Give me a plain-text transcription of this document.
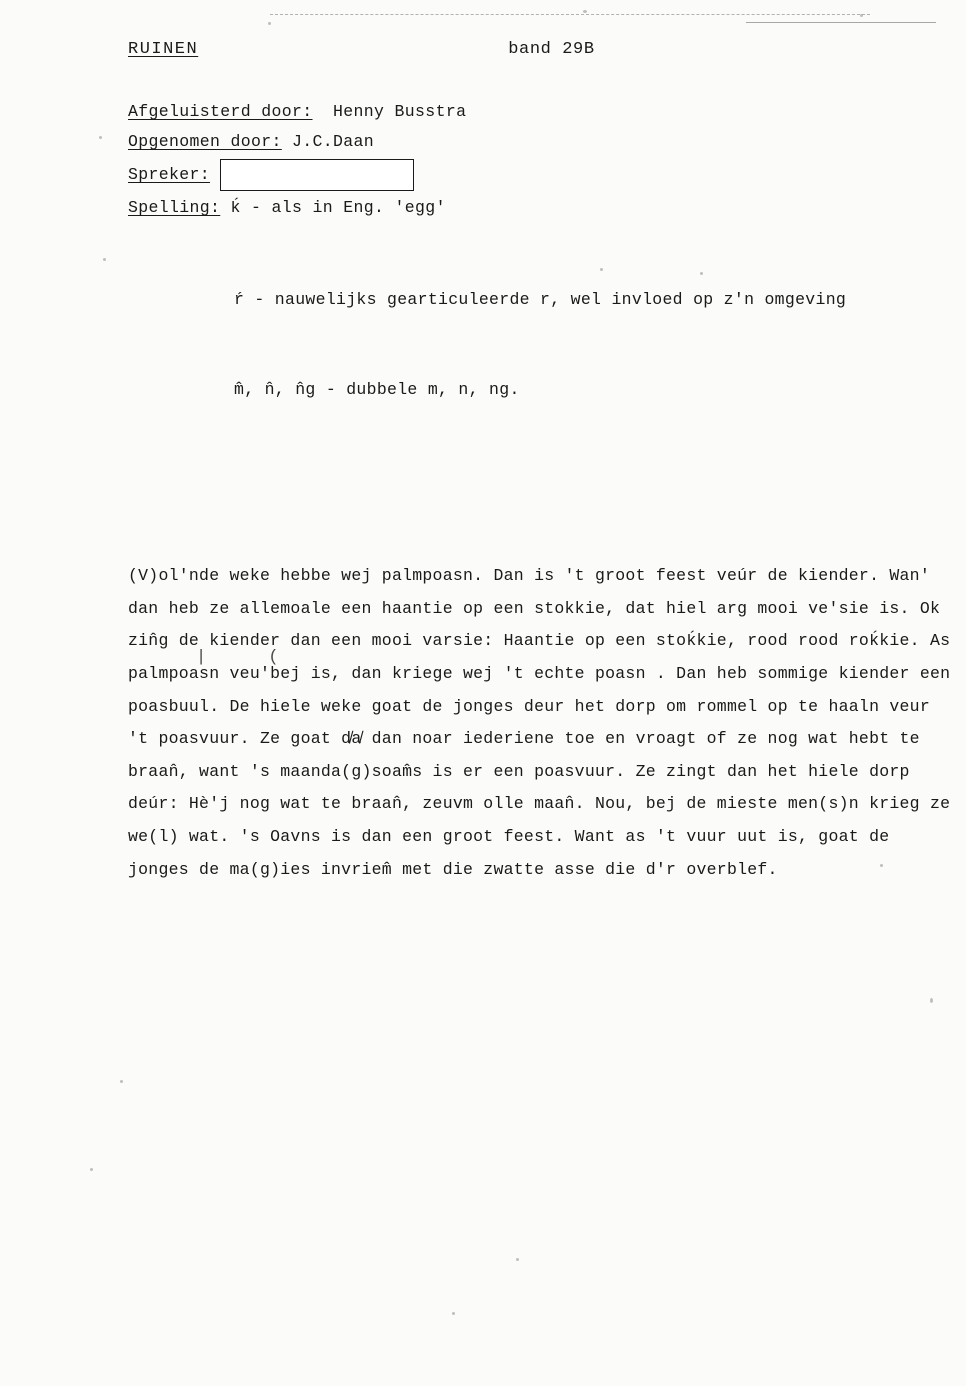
RUINEN	band 29B
Afgeluisterd door: Henny Busstra
Opgenomen door: J.C.Daan
Spreker:
Spelling: ḱ - als in Eng. 'egg'

ŕ - nauwelijks gearticuleerde r, wel invloed op z'n omgeving

m̂, n̂, n̂g - dubbele m, n, ng.

(V)ol'nde weke hebbe wej palmpoasn. Dan is 't groot feest veúr de kiender. Wan' dan heb ze allemoale een haantie op een stokkie, dat hiel arg mooi ve'sie is. Ok zin̂g de kiender dan een mooi varsie: Haantie op een stoḱkie, rood rood roḱkie. As palmpoasn veu'bej is, dan kriege wej 't echte poasn . Dan heb sommige kiender een poasbuul. De hiele weke goat de jonges deur het dorp om rommel op te haaln veur 't poasvuur. Ze goat d̸a̸ dan noar iederiene toe en vroagt of ze nog wat hebt te braan̂, want 's maanda(g)soam̂s is er een poasvuur. Ze zingt dan het hiele dorp deúr: Hè'j nog wat te braan̂, zeuvm olle maan̂. Nou, bej de mieste men(s)n krieg ze we(l) wat. 's Oavns is dan een groot feest. Want as 't vuur uut is, goat de jonges de ma(g)ies invriem̂ met die zwatte asse die d'r overblef.

| (
